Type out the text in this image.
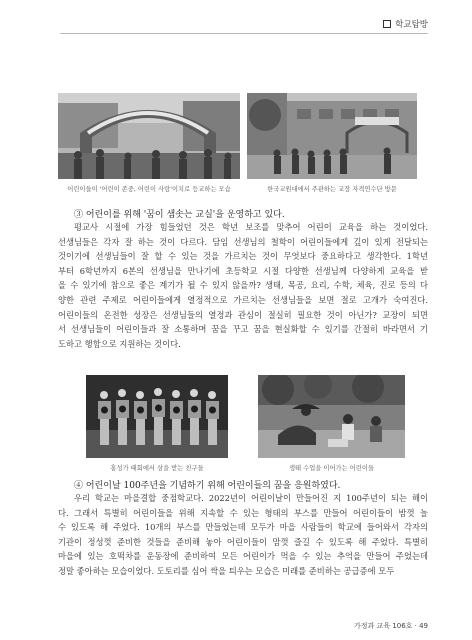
학교탐방
어린이들이 '어린이 존중, 어린이 사랑'이치로 등교하는 모습	한국교원대에서 주관하는 교장 자격연수단 방문
③ 어린이를 위해 '꿈이 샘솟는 교실'을 운영하고 있다.
평교사 시절에 가장 힘들었던 것은 학년 보조를 맞추어 어린이 교육을 하는 것이었다.
선생님들은 각자 잘 하는 것이 다르다. 담임 선생님의 철학이 어린이들에게 깊이 있게 전달되는
것이기에 선생님들이 잘 할 수 있는 것을 가르치는 것이 무엇보다 중요하다고 생각한다. 1학년
부터 6학년까지 6본의 선생님을 만나기에 초등학교 시절 다양한 선생님께 다양하게 교육을 받
을 수 있기에 참으로 좋은 계기가 될 수 있지 않을까? 생태, 목공, 요리, 수학, 체육, 진로 등의 다
양한 관련 주제로 어린이들에게 열정적으로 가르치는 선생님들을 보면 절로 고개가 숙여진다.
어린이들의 온전한 성장은 선생님들의 열정과 관심이 절실히 필요한 것이 아닌가? 교장이 되면
서 선생님들이 어린이들과 잘 소통하며 꿈을 꾸고 꿈을 현실화할 수 있기를 간절히 바라면서 기
도하고 행함으로 지원하는 것이다.
홍성가 때회에서 상을 받는 친구들	생태 수업을 이어가는 어린이들
④ 어린이날 100주년을 기념하기 위해 어린이들의 꿈을 응원하였다.
우리 학교는 마을결합 중점학교다. 2022년이 어린이날이 만들어진 지 100주년이 되는 해이
다. 그래서 특별히 어린이들을 위해 지속할 수 있는 형태의 부스를 만들어 어린이들이 밤껏 놀
수 있도록 해 주었다. 10개의 부스를 만들었는데 모두가 마을 사람들이 학교에 들어와서 각자의
기관이 정성껏 준비한 것들을 준비해 놓아 어린이들이 맘껏 즐길 수 있도록 해 주었다. 특별히
마을에 있는 호떡차를 운동장에 준비하여 모든 어린이가 먹을 수 있는 추억을 만들어 주었는데
정말 좋아하는 모습이었다. 도토리를 심어 싹을 틔우는 모습은 미래를 준비하는 공급증에 모두
가정과 교육 106호 · 49
